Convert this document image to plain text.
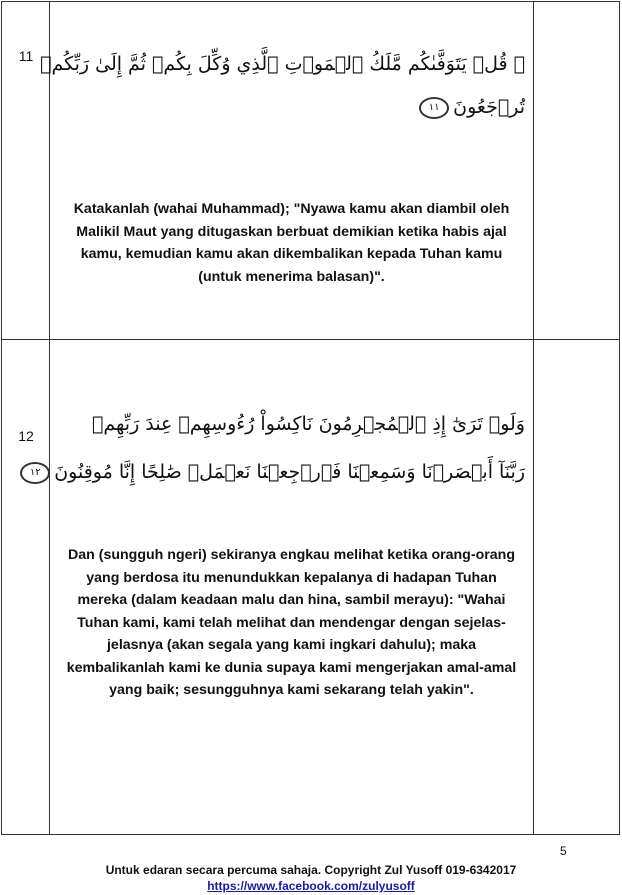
11	۞ قُلۡ يَتَوَفَّىٰكُم مَّلَكُ ٱلۡمَوۡتِ ٱلَّذِي وُكِّلَ بِكُمۡ ثُمَّ إِلَىٰ رَبِّكُمۡ
تُرۡجَعُونَ١١
Katakanlah (wahai Muhammad); "Nyawa kamu akan diambil oleh Malikil Maut yang ditugaskan berbuat demikian ketika habis ajal kamu, kemudian kamu akan dikembalikan kepada Tuhan kamu (untuk menerima balasan)".	

12	وَلَوۡ تَرَىٰٓ إِذِ ٱلۡمُجۡرِمُونَ نَاكِسُواْ رُءُوسِهِمۡ عِندَ رَبِّهِمۡ
رَبَّنَآ أَبۡصَرۡنَا وَسَمِعۡنَا فَٱرۡجِعۡنَا نَعۡمَلۡ صَٰلِحًا إِنَّا مُوقِنُونَ١٢
Dan (sungguh ngeri) sekiranya engkau melihat ketika orang-orang yang berdosa itu menundukkan kepalanya di hadapan Tuhan mereka (dalam keadaan malu dan hina, sambil merayu): "Wahai Tuhan kami, kami telah melihat dan mendengar dengan sejelas-jelasnya (akan segala yang kami ingkari dahulu); maka kembalikanlah kami ke dunia supaya kami mengerjakan amal-amal yang baik; sesungguhnya kami sekarang telah yakin".	

5
Untuk edaran secara percuma sahaja. Copyright Zul Yusoff 019-6342017
https://www.facebook.com/zulyusoff
